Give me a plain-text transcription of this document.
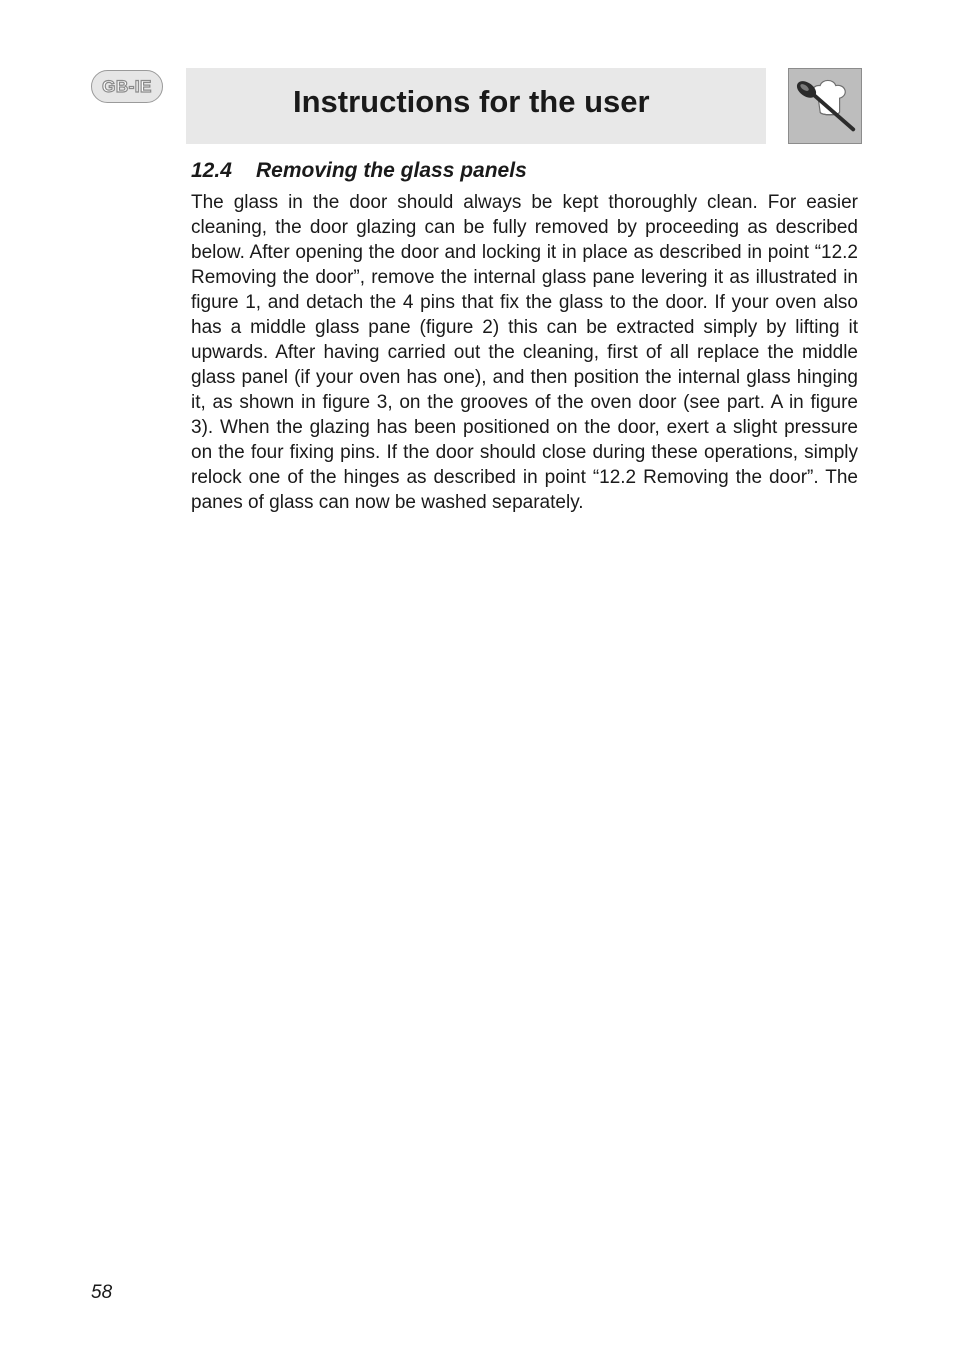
GB-IE	Instructions for the user
12.4 Removing the glass panels

The glass in the door should always be kept thoroughly clean. For easier cleaning, the door glazing can be fully removed by proceeding as described below. After opening the door and locking it in place as described in point “12.2 Removing the door”, remove the internal glass pane levering it as illustrated in figure 1, and detach the 4 pins that fix the glass to the door. If your oven also has a middle glass pane (figure 2) this can be extracted simply by lifting it upwards. After having carried out the cleaning, first of all replace the middle glass panel (if your oven has one), and then position the internal glass hinging it, as shown in figure 3, on the grooves of the oven door (see part. A in figure 3). When the glazing has been positioned on the door, exert a slight pressure on the four fixing pins. If the door should close during these operations, simply relock one of the hinges as described in point “12.2 Removing the door”. The panes of glass can now be washed separately.

58
